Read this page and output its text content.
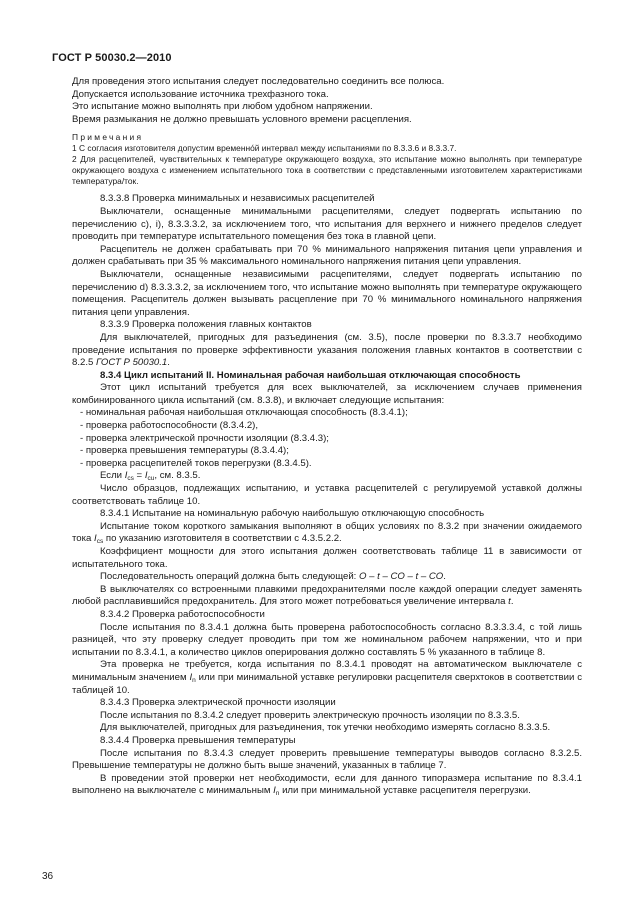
ГОСТ Р 50030.2—2010

Для проведения этого испытания следует последовательно соединить все полюса.

Допускается использование источника трехфазного тока.

Это испытание можно выполнять при любом удобном напряжении.

Время размыкания не должно превышать условного времени расцепления.

Примечания

1 С согласия изготовителя допустим временно́й интервал между испытаниями по 8.3.3.6 и 8.3.3.7.

2 Для расцепителей, чувствительных к температуре окружающего воздуха, это испытание можно выполнять при температуре окружающего воздуха с изменением испытательного тока в соответствии с представленными изготовителем характеристиками температура/ток.

8.3.3.8 Проверка минимальных и независимых расцепителей

Выключатели, оснащенные минимальными расцепителями, следует подвергать испытанию по перечислению с), i), 8.3.3.3.2, за исключением того, что испытания для верхнего и нижнего пределов следует проводить при температуре испытательного помещения без тока в главной цепи.

Расцепитель не должен срабатывать при 70 % минимального напряжения питания цепи управления и должен срабатывать при 35 % максимального номинального напряжения питания цепи управления.

Выключатели, оснащенные независимыми расцепителями, следует подвергать испытанию по перечислению d) 8.3.3.3.2, за исключением того, что испытание можно выполнять при температуре окружающего помещения. Расцепитель должен вызывать расцепление при 70 % минимального номинального напряжения питания цепи управления.

8.3.3.9 Проверка положения главных контактов

Для выключателей, пригодных для разъединения (см. 3.5), после проверки по 8.3.3.7 необходимо проведение испытания по проверке эффективности указания положения главных контактов в соответствии с 8.2.5 ГОСТ Р 50030.1.

8.3.4 Цикл испытаний II. Номинальная рабочая наибольшая отключающая способность

Этот цикл испытаний требуется для всех выключателей, за исключением случаев применения комбинированного цикла испытаний (см. 8.3.8), и включает следующие испытания:

- номинальная рабочая наибольшая отключающая способность (8.3.4.1);
- проверка работоспособности (8.3.4.2),
- проверка электрической прочности изоляции (8.3.4.3);
- проверка превышения температуры (8.3.4.4);
- проверка расцепителей токов перегрузки (8.3.4.5).

Если $I_{cs} = I_{cu}$, см. 8.3.5.

Число образцов, подлежащих испытанию, и уставка расцепителей с регулируемой уставкой должны соответствовать таблице 10.

8.3.4.1 Испытание на номинальную рабочую наибольшую отключающую способность

Испытание током короткого замыкания выполняют в общих условиях по 8.3.2 при значении ожидаемого тока $I_{cs}$ по указанию изготовителя в соответствии с 4.3.5.2.2.

Коэффициент мощности для этого испытания должен соответствовать таблице 11 в зависимости от испытательного тока.

Последовательность операций должна быть следующей: O – t – CO – t – CO.

В выключателях со встроенными плавкими предохранителями после каждой операции следует заменять любой расплавившийся предохранитель. Для этого может потребоваться увеличение интервала t.

8.3.4.2 Проверка работоспособности

После испытания по 8.3.4.1 должна быть проверена работоспособность согласно 8.3.3.3.4, с той лишь разницей, что эту проверку следует проводить при том же номинальном рабочем напряжении, что и при испытании по 8.3.4.1, а количество циклов оперирования должно составлять 5 % указанного в таблице 8.

Эта проверка не требуется, когда испытания по 8.3.4.1 проводят на автоматическом выключателе с минимальным значением $I_n$ или при минимальной уставке регулировки расцепителя сверхтоков в соответствии с таблицей 10.

8.3.4.3 Проверка электрической прочности изоляции

После испытания по 8.3.4.2 следует проверить электрическую прочность изоляции по 8.3.3.5.

Для выключателей, пригодных для разъединения, ток утечки необходимо измерять согласно 8.3.3.5.

8.3.4.4 Проверка превышения температуры

После испытания по 8.3.4.3 следует проверить превышение температуры выводов согласно 8.3.2.5. Превышение температуры не должно быть выше значений, указанных в таблице 7.

В проведении этой проверки нет необходимости, если для данного типоразмера испытание по 8.3.4.1 выполнено на выключателе с минимальным $I_n$ или при минимальной уставке расцепителя перегрузки.

36
